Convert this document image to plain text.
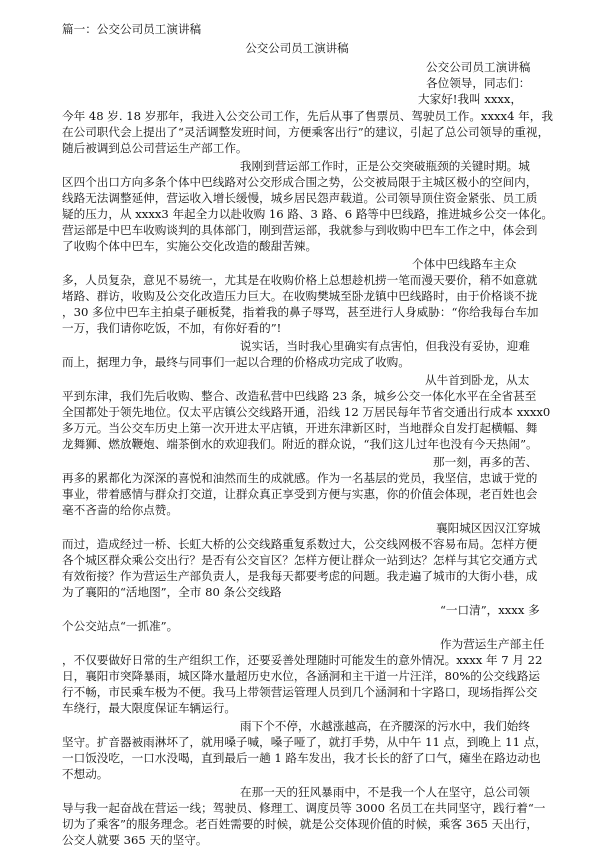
篇一：公交公司员工演讲稿
公交公司员工演讲稿
公交公司员工演讲稿
各位领导，同志们：
大家好!我叫 xxxx，
今年 48 岁. 18 岁那年，我进入公交公司工作，先后从事了售票员、驾驶员工作。xxxx4 年，我
在公司职代会上提出了“灵活调整发班时间，方便乘客出行”的建议，引起了总公司领导的重视，
随后被调到总公司营运生产部工作。
我刚到营运部工作时，正是公交突破瓶颈的关键时期。城
区四个出口方向多条个体中巴线路对公交形成合围之势，公交被局限于主城区极小的空间内，
线路无法调整延伸，营运收入增长缓慢，城乡居民怨声载道。公司领导顶住资金紧张、员工质
疑的压力，从 xxxx3 年起全力以赴收购 16 路、3 路、6 路等中巴线路，推进城乡公交一体化。
营运部是中巴车收购谈判的具体部门，刚到营运部，我就参与到收购中巴车工作之中，体会到
了收购个体中巴车，实施公交化改造的酸甜苦辣。
个体中巴线路车主众
多，人员复杂，意见不易统一，尤其是在收购价格上总想趁机捞一笔而漫天要价，稍不如意就
堵路、群访，收购及公交化改造压力巨大。在收购樊城至卧龙镇中巴线路时，由于价格谈不拢
，30 多位中巴车主拍桌子砸板凳，指着我的鼻子辱骂，甚至进行人身威胁：“你给我每台车加
一万，我们请你吃饭，不加，有你好看的”!
说实话，当时我心里确实有点害怕，但我没有妥协，迎难
而上，据理力争，最终与同事们一起以合理的价格成功完成了收购。
从牛首到卧龙，从太
平到东津，我们先后收购、整合、改造私营中巴线路 23 条，城乡公交一体化水平在全省甚至
全国都处于领先地位。仅太平店镇公交线路开通，沿线 12 万居民每年节省交通出行成本 xxxx0
多万元。当公交车历史上第一次开进太平店镇，开进东津新区时，当地群众自发打起横幅、舞
龙舞狮、燃放鞭炮、端茶倒水的欢迎我们。附近的群众说，“我们这儿过年也没有今天热闹”。
那一刻，再多的苦、
再多的累都化为深深的喜悦和油然而生的成就感。作为一名基层的党员，我坚信，忠诚于党的
事业，带着感情与群众打交道，让群众真正享受到方便与实惠，你的价值会体现，老百姓也会
毫不吝啬的给你点赞。
襄阳城区因汉江穿城
而过，造成经过一桥、长虹大桥的公交线路重复系数过大，公交线网极不容易布局。怎样方便
各个城区群众乘公交出行？是否有公交盲区？怎样方便让群众一站到达？怎样与其它交通方式
有效衔接？作为营运生产部负责人，是我每天都要考虑的问题。我走遍了城市的大街小巷，成
为了襄阳的“活地图”，全市 80 条公交线路
“一口清”，xxxx 多
个公交站点“一抓准”。
作为营运生产部主任
，不仅要做好日常的生产组织工作，还要妥善处理随时可能发生的意外情况。xxxx 年 7 月 22
日，襄阳市突降暴雨，城区降水量超历史水位，各涵洞和主干道一片汪洋，80%的公交线路运
行不畅，市民乘车极为不便。我马上带领营运管理人员到几个涵洞和十字路口，现场指挥公交
车绕行，最大限度保证车辆运行。
雨下个不停，水越涨越高，在齐腰深的污水中，我们始终
坚守。扩音器被雨淋坏了，就用嗓子喊，嗓子哑了，就打手势，从中午 11 点，到晚上 11 点，
一口饭没吃，一口水没喝，直到最后一趟 1 路车发出，我才长长的舒了口气，瘫坐在路边动也
不想动。
在那一天的狂风暴雨中，不是我一个人在坚守，总公司领
导与我一起奋战在营运一线；驾驶员、修理工、调度员等 3000 名员工在共同坚守，践行着“一
切为了乘客”的服务理念。老百姓需要的时候，就是公交体现价值的时候，乘客 365 天出行，
公交人就要 365 天的坚守。
